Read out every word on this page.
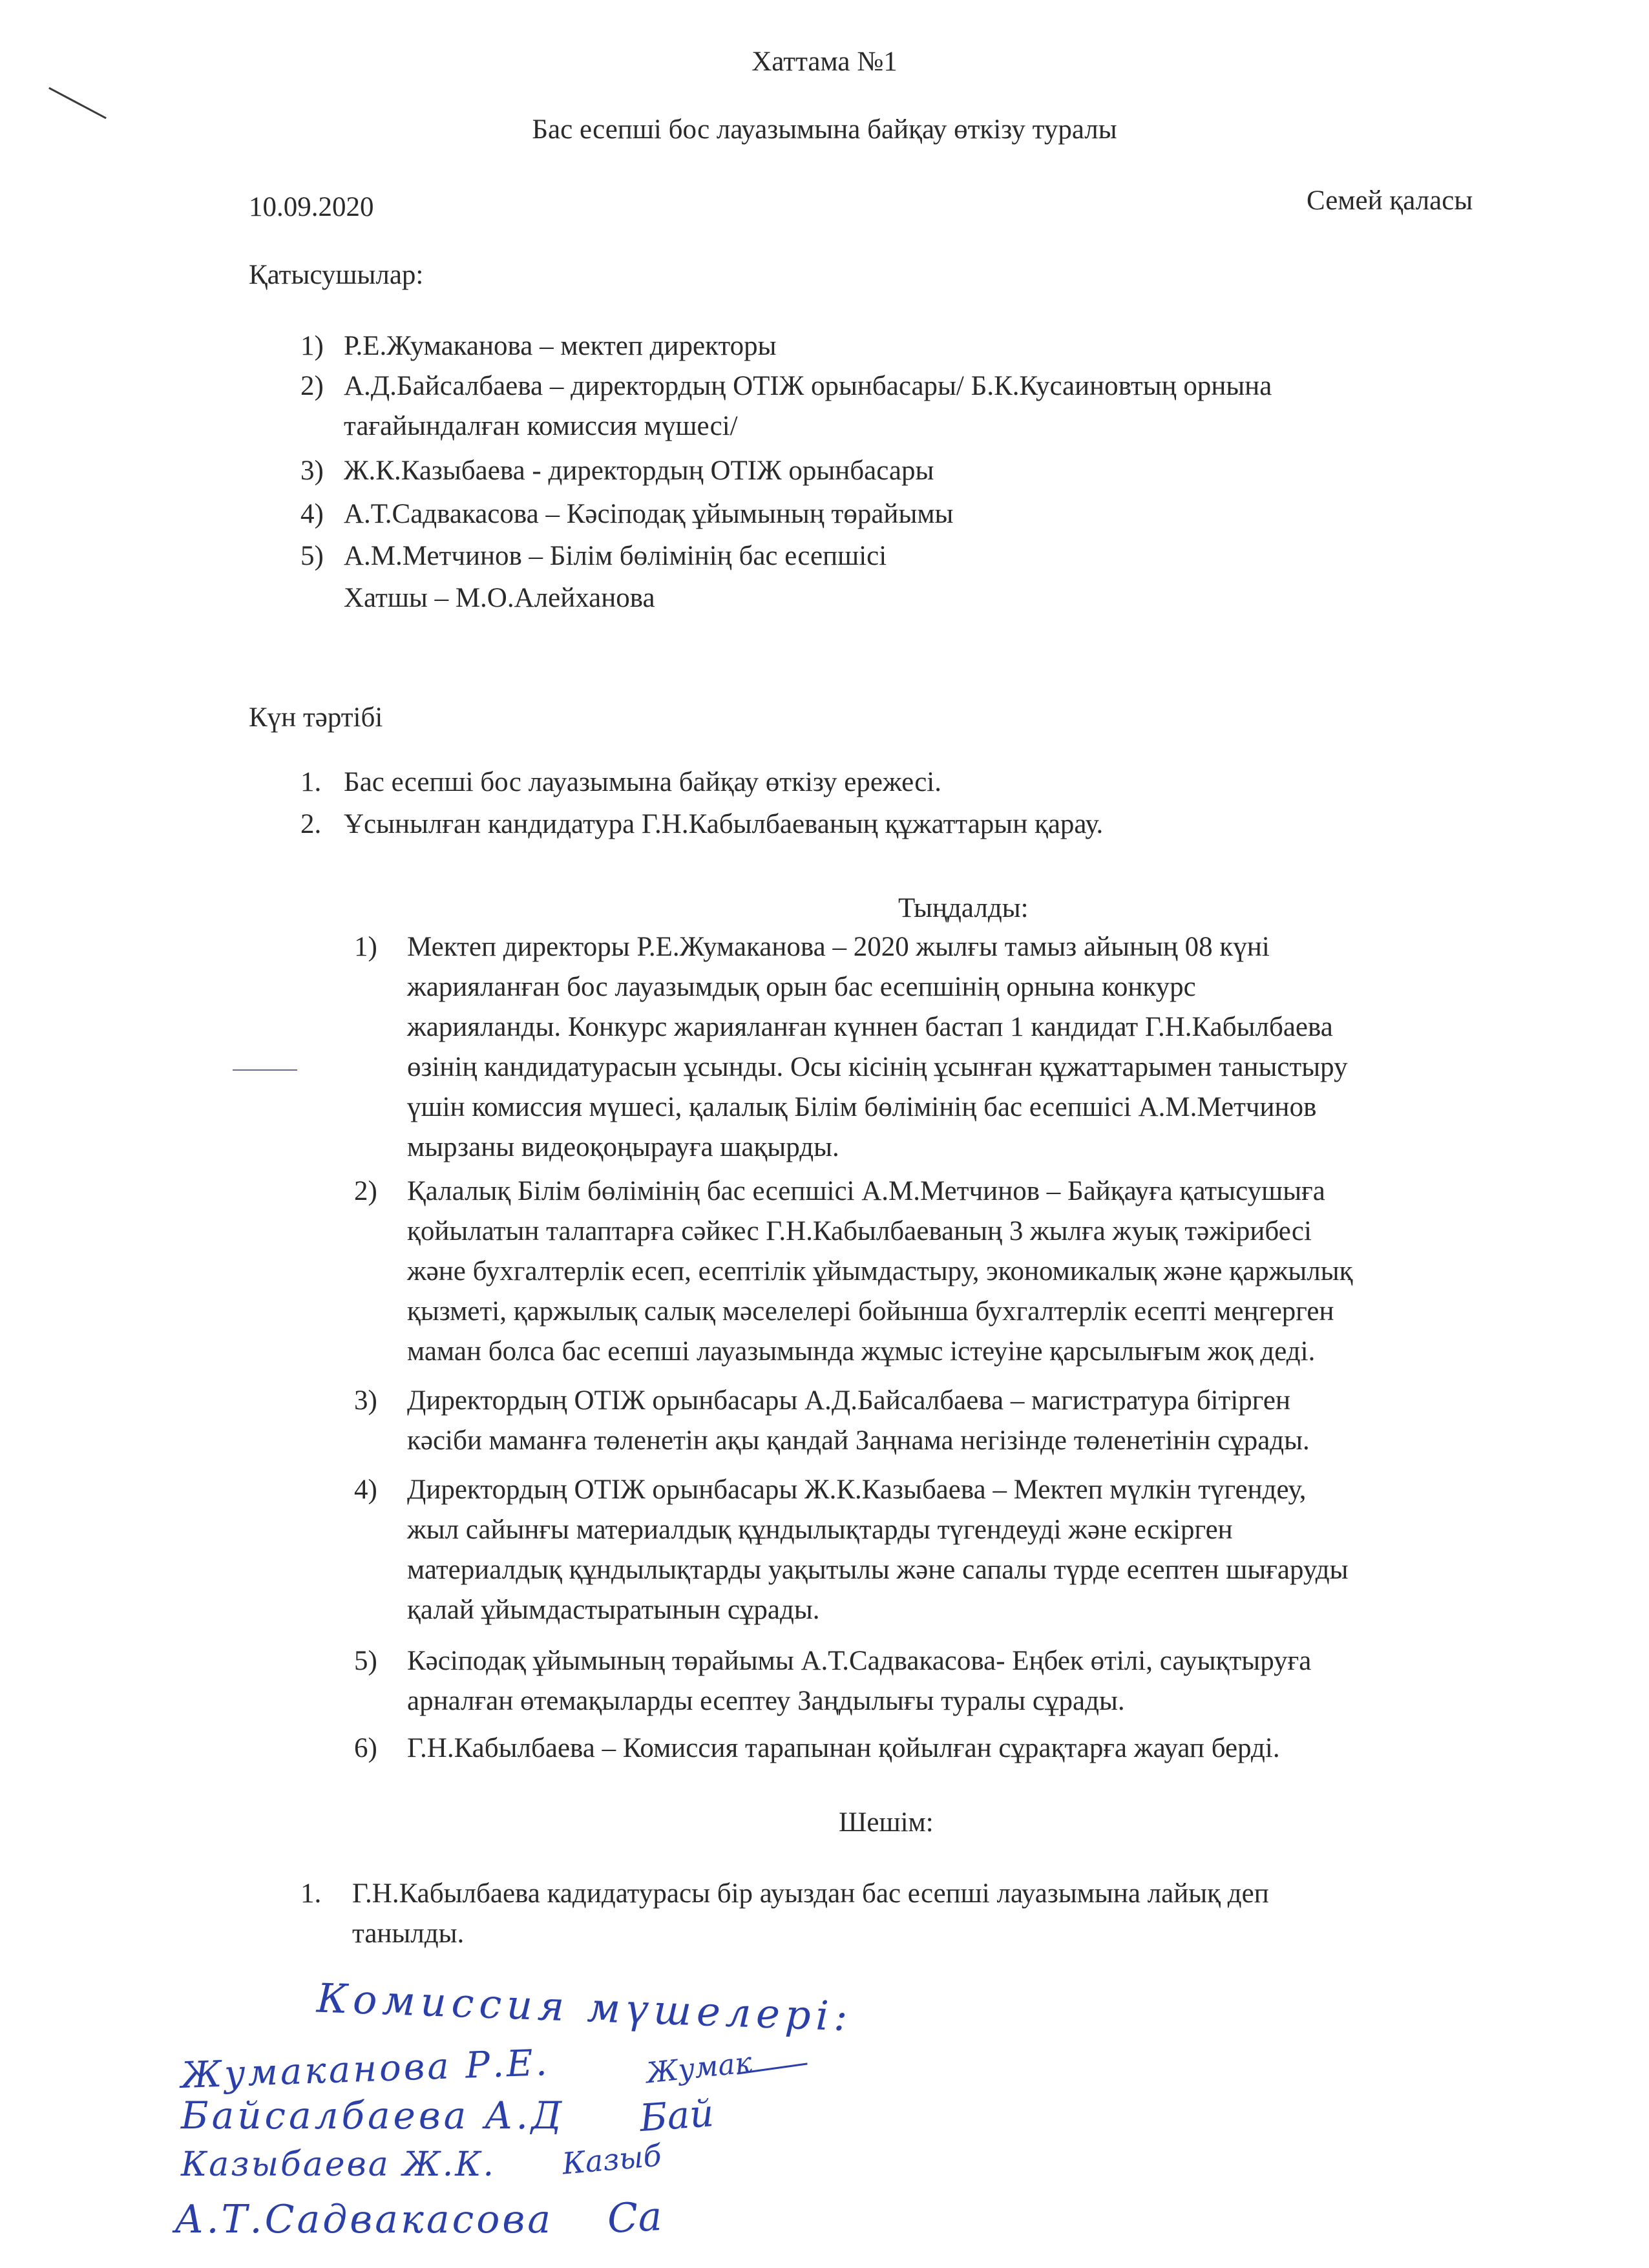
Хаттама №1
Бас есепші бос лауазымына байқау өткізу туралы
10.09.2020	Семей қаласы
Қатысушылар:
1) Р.Е.Жумаканова – мектеп директоры
2) А.Д.Байсалбаева – директордың ОТІЖ орынбасары/ Б.К.Кусаиновтың орнына
тағайындалған комиссия мүшесі/
3) Ж.К.Казыбаева - директордың ОТІЖ орынбасары
4) А.Т.Садвакасова – Кәсіподақ ұйымының төрайымы
5) А.М.Метчинов – Білім бөлімінің бас есепшісі
Хатшы – М.О.Алейханова
Күн тәртібі
1. Бас есепші бос лауазымына байқау өткізу ережесі.
2. Ұсынылған кандидатура Г.Н.Кабылбаеваның құжаттарын қарау.
Тыңдалды:
1) Мектеп директоры Р.Е.Жумаканова – 2020 жылғы тамыз айының 08 күні
жарияланған бос лауазымдық орын бас есепшінің орнына конкурс
жарияланды. Конкурс жарияланған күннен бастап 1 кандидат Г.Н.Кабылбаева
өзінің кандидатурасын ұсынды. Осы кісінің ұсынған құжаттарымен таныстыру
үшін комиссия мүшесі, қалалық Білім бөлімінің бас есепшісі А.М.Метчинов
мырзаны видеоқоңырауға шақырды.
2) Қалалық Білім бөлімінің бас есепшісі А.М.Метчинов – Байқауға қатысушыға
қойылатын талаптарға сәйкес Г.Н.Кабылбаеваның 3 жылға жуық тәжірибесі
және бухгалтерлік есеп, есептілік ұйымдастыру, экономикалық және қаржылық
қызметі, қаржылық салық мәселелері бойынша бухгалтерлік есепті меңгерген
маман болса бас есепші лауазымында жұмыс істеуіне қарсылығым жоқ деді.
3) Директордың ОТІЖ орынбасары А.Д.Байсалбаева – магистратура бітірген
кәсіби маманға төленетін ақы қандай Заңнама негізінде төленетінін сұрады.
4) Директордың ОТІЖ орынбасары Ж.К.Казыбаева – Мектеп мүлкін түгендеу,
жыл сайынғы материалдық құндылықтарды түгендеуді және ескірген
материалдық құндылықтарды уақытылы және сапалы түрде есептен шығаруды
қалай ұйымдастыратынын сұрады.
5) Кәсіподақ ұйымының төрайымы А.Т.Садвакасова- Еңбек өтілі, сауықтыруға
арналған өтемақыларды есептеу Заңдылығы туралы сұрады.
6) Г.Н.Кабылбаева – Комиссия тарапынан қойылған сұрақтарға жауап берді.
Шешім:
1. Г.Н.Кабылбаева кадидатурасы бір ауыздан бас есепші лауазымына лайық деп
танылды.
Комиссия мүшелері:
Жумаканова Р.Е.	Жумак
Байсалбаева А.Д Бай
Казыбаева Ж.К. Казыб
А.Т.Садвакасова Са
